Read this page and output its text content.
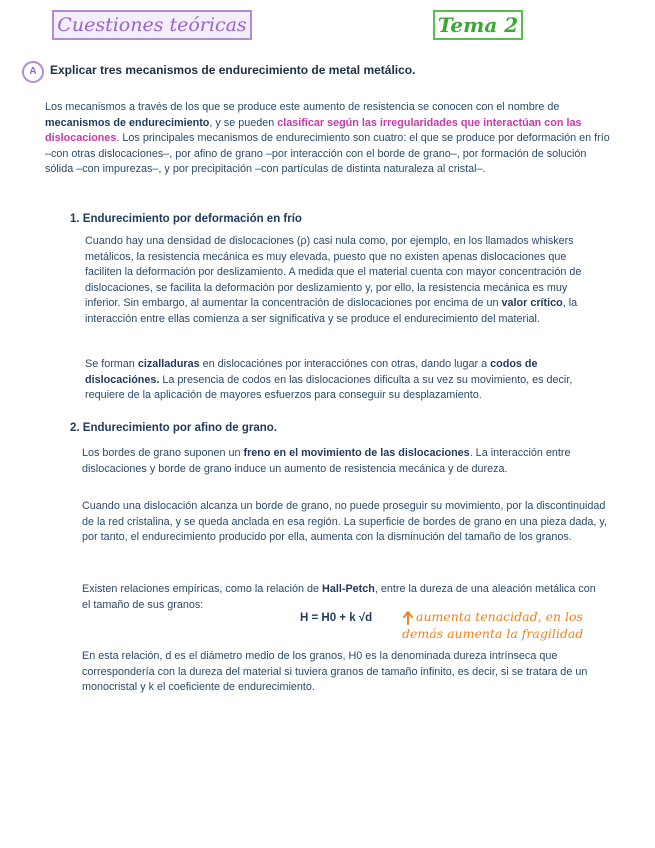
Cuestiones teóricas	Tema 2
A	Explicar tres mecanismos de endurecimiento de metal metálico.
Los mecanismos a través de los que se produce este aumento de resistencia se conocen con el nombre de mecanismos de endurecimiento, y se pueden clasificar según las irregularidades que interactúan con las dislocaciones. Los principales mecanismos de endurecimiento son cuatro: el que se produce por deformación en frío –con otras dislocaciones–, por afino de grano –por interacción con el borde de grano–, por formación de solución sólida –con impurezas–, y por precipitación –con partículas de distinta naturaleza al cristal–.
1. Endurecimiento por deformación en frío
Cuando hay una densidad de dislocaciones (ρ) casi nula como, por ejemplo, en los llamados whiskers metálicos, la resistencia mecánica es muy elevada, puesto que no existen apenas dislocaciones que faciliten la deformación por deslizamiento. A medida que el material cuenta con mayor concentración de dislocaciones, se facilita la deformación por deslizamiento y, por ello, la resistencia mecánica es muy inferior. Sin embargo, al aumentar la concentración de dislocaciones por encima de un valor crítico, la interacción entre ellas comienza a ser significativa y se produce el endurecimiento del material.
Se forman cizalladuras en dislocaciónes por interacciónes con otras, dando lugar a codos de dislocaciónes. La presencia de codos en las dislocaciones dificulta a su vez su movimiento, es decir, requiere de la aplicación de mayores esfuerzos para conseguir su desplazamiento.
2. Endurecimiento por afino de grano.
Los bordes de grano suponen un freno en el movimiento de las dislocaciones. La interacción entre dislocaciones y borde de grano induce un aumento de resistencia mecánica y de dureza.
Cuando una dislocación alcanza un borde de grano, no puede proseguir su movimiento, por la discontinuidad de la red cristalina, y se queda anclada en esa región. La superficie de bordes de grano en una pieza dada, y, por tanto, el endurecimiento producido por ella, aumenta con la disminución del tamaño de los granos.
Existen relaciones empíricas, como la relación de Hall-Petch, entre la dureza de una aleación metálica con el tamaño de sus granos:
H = H0 + k √d	aumenta tenacidad, en los demás aumenta la fragilidad
En esta relación, d es el diámetro medio de los granos, H0 es la denominada dureza intrínseca que correspondería con la dureza del material si tuviera granos de tamaño infinito, es decir, si se tratara de un monocristal y k el coeficiente de endurecimiento.
